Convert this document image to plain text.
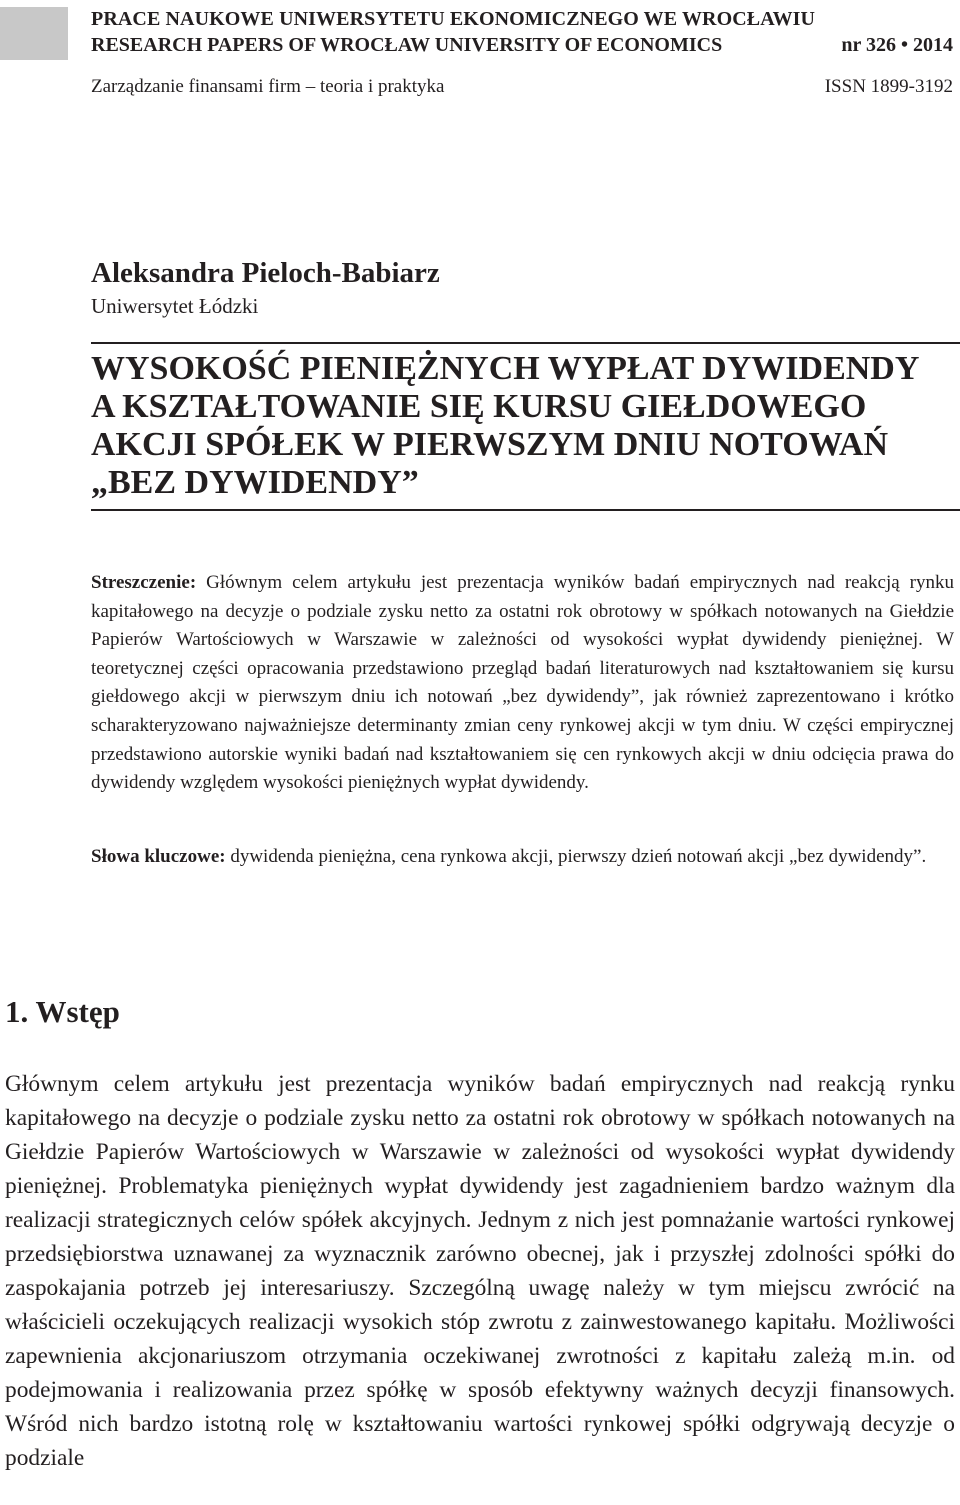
PRACE NAUKOWE UNIWERSYTETU EKONOMICZNEGO WE WROCŁAWIU
RESEARCH PAPERS OF WROCŁAW UNIVERSITY OF ECONOMICS	nr 326 • 2014
Zarządzanie finansami firm – teoria i praktyka	ISSN 1899-3192
Aleksandra Pieloch-Babiarz
Uniwersytet Łódzki
WYSOKOŚĆ PIENIĘŻNYCH WYPŁAT DYWIDENDY
A KSZTAŁTOWANIE SIĘ KURSU GIEŁDOWEGO
AKCJI SPÓŁEK W PIERWSZYM DNIU NOTOWAŃ
„BEZ DYWIDENDY”

Streszczenie: Głównym celem artykułu jest prezentacja wyników badań empirycznych nad reakcją rynku kapitałowego na decyzje o podziale zysku netto za ostatni rok obrotowy w spółkach notowanych na Giełdzie Papierów Wartościowych w Warszawie w zależności od wysokości wypłat dywidendy pieniężnej. W teoretycznej części opracowania przedstawiono przegląd badań literaturowych nad kształtowaniem się kursu giełdowego akcji w pierwszym dniu ich notowań „bez dywidendy”, jak również zaprezentowano i krótko scharakteryzowano najważniejsze determinanty zmian ceny rynkowej akcji w tym dniu. W części empirycznej przedstawiono autorskie wyniki badań nad kształtowaniem się cen rynkowych akcji w dniu odcięcia prawa do dywidendy względem wysokości pieniężnych wypłat dywidendy.

Słowa kluczowe: dywidenda pieniężna, cena rynkowa akcji, pierwszy dzień notowań akcji „bez dywidendy”.

1. Wstęp

Głównym celem artykułu jest prezentacja wyników badań empirycznych nad reakcją rynku kapitałowego na decyzje o podziale zysku netto za ostatni rok obrotowy w spółkach notowanych na Giełdzie Papierów Wartościowych w Warszawie w zależności od wysokości wypłat dywidendy pieniężnej. Problematyka pieniężnych wypłat dywidendy jest zagadnieniem bardzo ważnym dla realizacji strategicznych celów spółek akcyjnych. Jednym z nich jest pomnażanie wartości rynkowej przedsiębiorstwa uznawanej za wyznacznik zarówno obecnej, jak i przyszłej zdolności spółki do zaspokajania potrzeb jej interesariuszy. Szczególną uwagę należy w tym miejscu zwrócić na właścicieli oczekujących realizacji wysokich stóp zwrotu z zainwestowanego kapitału. Możliwości zapewnienia akcjonariuszom otrzymania oczekiwanej zwrotności z kapitału zależą m.in. od podejmowania i realizowania przez spółkę w sposób efektywny ważnych decyzji finansowych. Wśród nich bardzo istotną rolę w kształtowaniu wartości rynkowej spółki odgrywają decyzje o podziale
